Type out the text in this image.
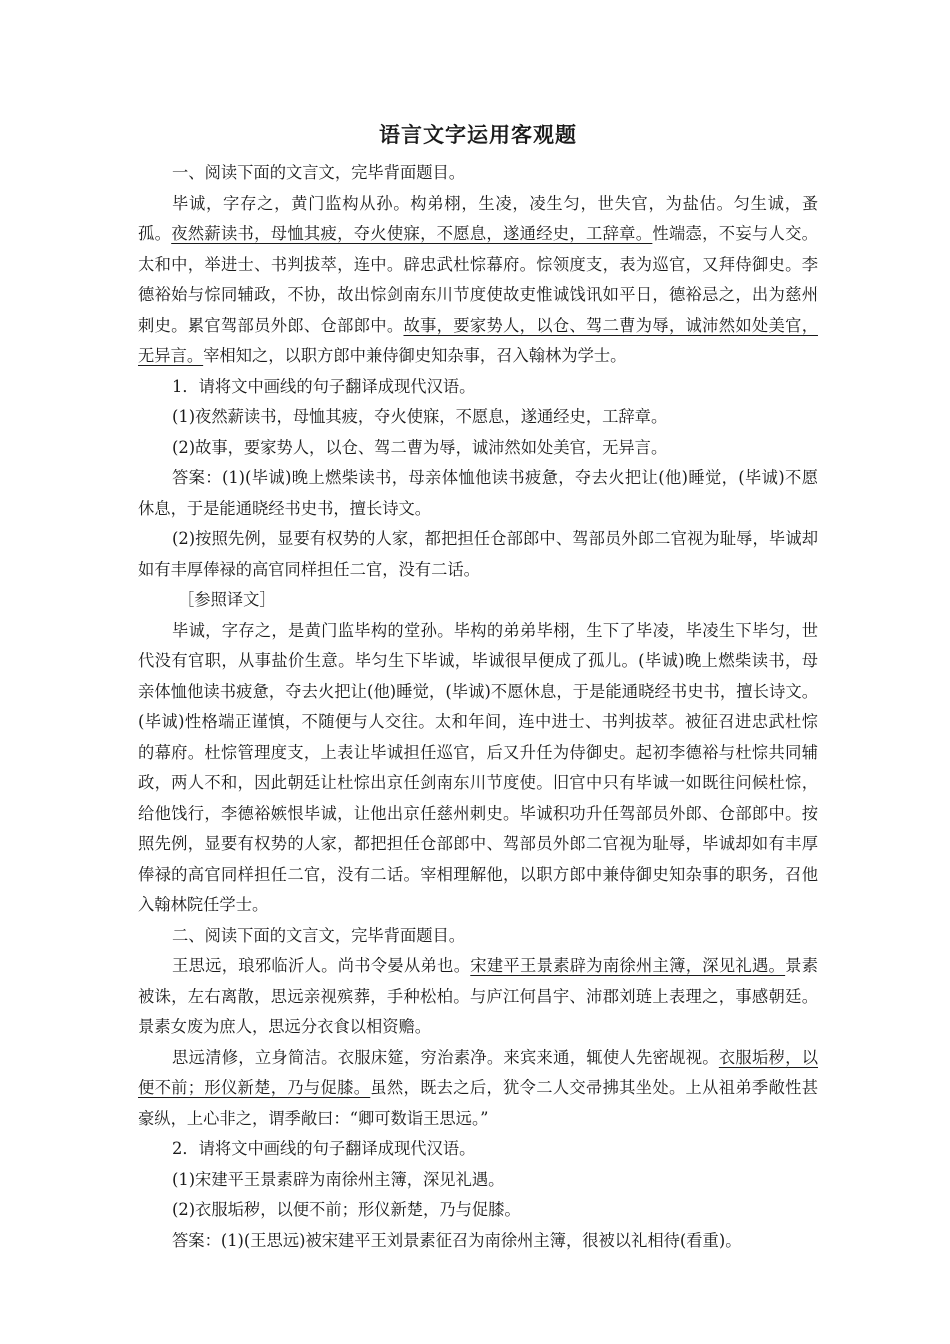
语言文字运用客观题

一、阅读下面的文言文，完毕背面题目。

毕诚，字存之，黄门监构从孙。构弟栩，生凌，凌生匀，世失官，为盐估。匀生诚，蚤孤。夜然薪读书，母恤其疲，夺火使寐，不愿息，遂通经史，工辞章。性端悫，不妄与人交。太和中，举进士、书判拔萃，连中。辟忠武杜悰幕府。悰领度支，表为巡官，又拜侍御史。李德裕始与悰同辅政，不协，故出悰剑南东川节度使故吏惟诚饯讯如平日，德裕忌之，出为慈州刺史。累官驾部员外郎、仓部郎中。故事，要家势人，以仓、驾二曹为辱，诚沛然如处美官，无异言。宰相知之，以职方郎中兼侍御史知杂事，召入翰林为学士。

1．请将文中画线的句子翻译成现代汉语。

(1)夜然薪读书，母恤其疲，夺火使寐，不愿息，遂通经史，工辞章。

(2)故事，要家势人，以仓、驾二曹为辱，诚沛然如处美官，无异言。

答案：(1)(毕诚)晚上燃柴读书，母亲体恤他读书疲惫，夺去火把让(他)睡觉，(毕诚)不愿休息，于是能通晓经书史书，擅长诗文。

(2)按照先例，显要有权势的人家，都把担任仓部郎中、驾部员外郎二官视为耻辱，毕诚却如有丰厚俸禄的高官同样担任二官，没有二话。

［参照译文］

毕诚，字存之，是黄门监毕构的堂孙。毕构的弟弟毕栩，生下了毕凌，毕凌生下毕匀，世代没有官职，从事盐价生意。毕匀生下毕诚，毕诚很早便成了孤儿。(毕诚)晚上燃柴读书，母亲体恤他读书疲惫，夺去火把让(他)睡觉，(毕诚)不愿休息，于是能通晓经书史书，擅长诗文。(毕诚)性格端正谨慎，不随便与人交往。太和年间，连中进士、书判拔萃。被征召进忠武杜悰的幕府。杜悰管理度支，上表让毕诚担任巡官，后又升任为侍御史。起初李德裕与杜悰共同辅政，两人不和，因此朝廷让杜悰出京任剑南东川节度使。旧官中只有毕诚一如既往问候杜悰，给他饯行，李德裕嫉恨毕诚，让他出京任慈州刺史。毕诚积功升任驾部员外郎、仓部郎中。按照先例，显要有权势的人家，都把担任仓部郎中、驾部员外郎二官视为耻辱，毕诚却如有丰厚俸禄的高官同样担任二官，没有二话。宰相理解他，以职方郎中兼侍御史知杂事的职务，召他入翰林院任学士。

二、阅读下面的文言文，完毕背面题目。

王思远，琅邪临沂人。尚书令晏从弟也。宋建平王景素辟为南徐州主簿，深见礼遇。景素被诛，左右离散，思远亲视殡葬，手种松柏。与庐江何昌宇、沛郡刘琏上表理之，事感朝廷。景素女废为庶人，思远分衣食以相资赡。

思远清修，立身简洁。衣服床筵，穷治素净。来宾来通，辄使人先密觇视。衣服垢秽，以便不前；形仪新楚，乃与促膝。虽然，既去之后，犹令二人交帚拂其坐处。上从祖弟季敞性甚豪纵，上心非之，谓季敞曰：“卿可数诣王思远。”

2．请将文中画线的句子翻译成现代汉语。

(1)宋建平王景素辟为南徐州主簿，深见礼遇。

(2)衣服垢秽，以便不前；形仪新楚，乃与促膝。

答案：(1)(王思远)被宋建平王刘景素征召为南徐州主簿，很被以礼相待(看重)。
